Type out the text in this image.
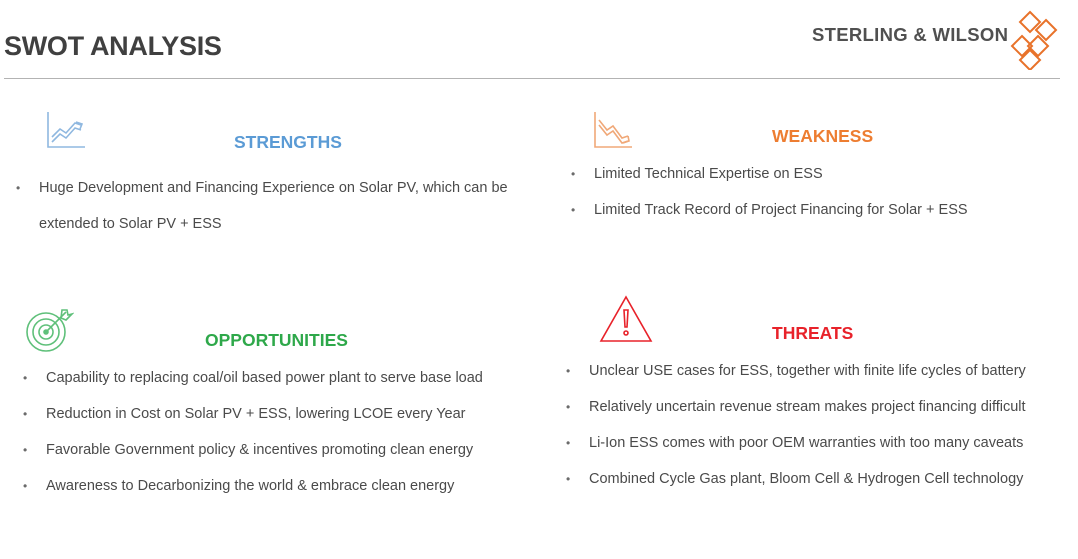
SWOT ANALYSIS	STERLING & WILSON
STRENGTHS
• Huge Development and Financing Experience on Solar PV, which can be extended to Solar PV + ESS
WEAKNESS
• Limited Technical Expertise on ESS
• Limited Track Record of Project Financing for Solar + ESS
OPPORTUNITIES
• Capability to replacing coal/oil based power plant to serve base load
• Reduction in Cost on Solar PV + ESS, lowering LCOE every Year
• Favorable Government policy & incentives promoting clean energy
• Awareness to Decarbonizing the world & embrace clean energy
THREATS
• Unclear USE cases for ESS, together with finite life cycles of battery
• Relatively uncertain revenue stream makes project financing difficult
• Li-Ion ESS comes with poor OEM warranties with too many caveats
• Combined Cycle Gas plant, Bloom Cell & Hydrogen Cell technology
